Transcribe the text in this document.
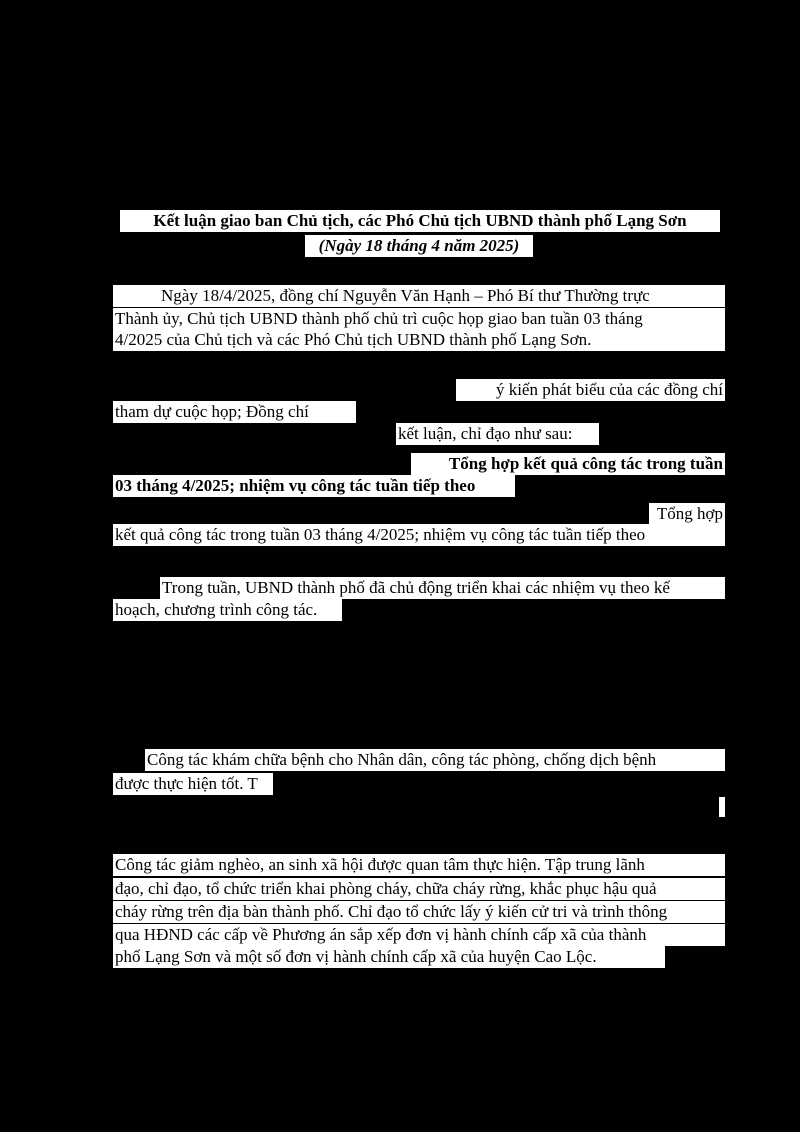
Kết luận giao ban Chủ tịch, các Phó Chủ tịch UBND thành phố Lạng Sơn
(Ngày 18 tháng 4 năm 2025)
Ngày 18/4/2025, đồng chí Nguyễn Văn Hạnh – Phó Bí thư Thường trực
Thành ủy, Chủ tịch UBND thành phố chủ trì cuộc họp giao ban tuần 03 tháng
4/2025 của Chủ tịch và các Phó Chủ tịch UBND thành phố Lạng Sơn.
ý kiến phát biểu của các đồng chí
tham dự cuộc họp; Đồng chí
kết luận, chỉ đạo như sau:
Tổng hợp kết quả công tác trong tuần
03 tháng 4/2025; nhiệm vụ công tác tuần tiếp theo
Tổng hợp
kết quả công tác trong tuần 03 tháng 4/2025; nhiệm vụ công tác tuần tiếp theo
Trong tuần, UBND thành phố đã chủ động triển khai các nhiệm vụ theo kế
hoạch, chương trình công tác.
Công tác khám chữa bệnh cho Nhân dân, công tác phòng, chống dịch bệnh
được thực hiện tốt. T
Công tác giảm nghèo, an sinh xã hội được quan tâm thực hiện. Tập trung lãnh
đạo, chỉ đạo, tổ chức triển khai phòng cháy, chữa cháy rừng, khắc phục hậu quả
cháy rừng trên địa bàn thành phố. Chỉ đạo tổ chức lấy ý kiến cử tri và trình thông
qua HĐND các cấp về Phương án sắp xếp đơn vị hành chính cấp xã của thành
phố Lạng Sơn và một số đơn vị hành chính cấp xã của huyện Cao Lộc.
